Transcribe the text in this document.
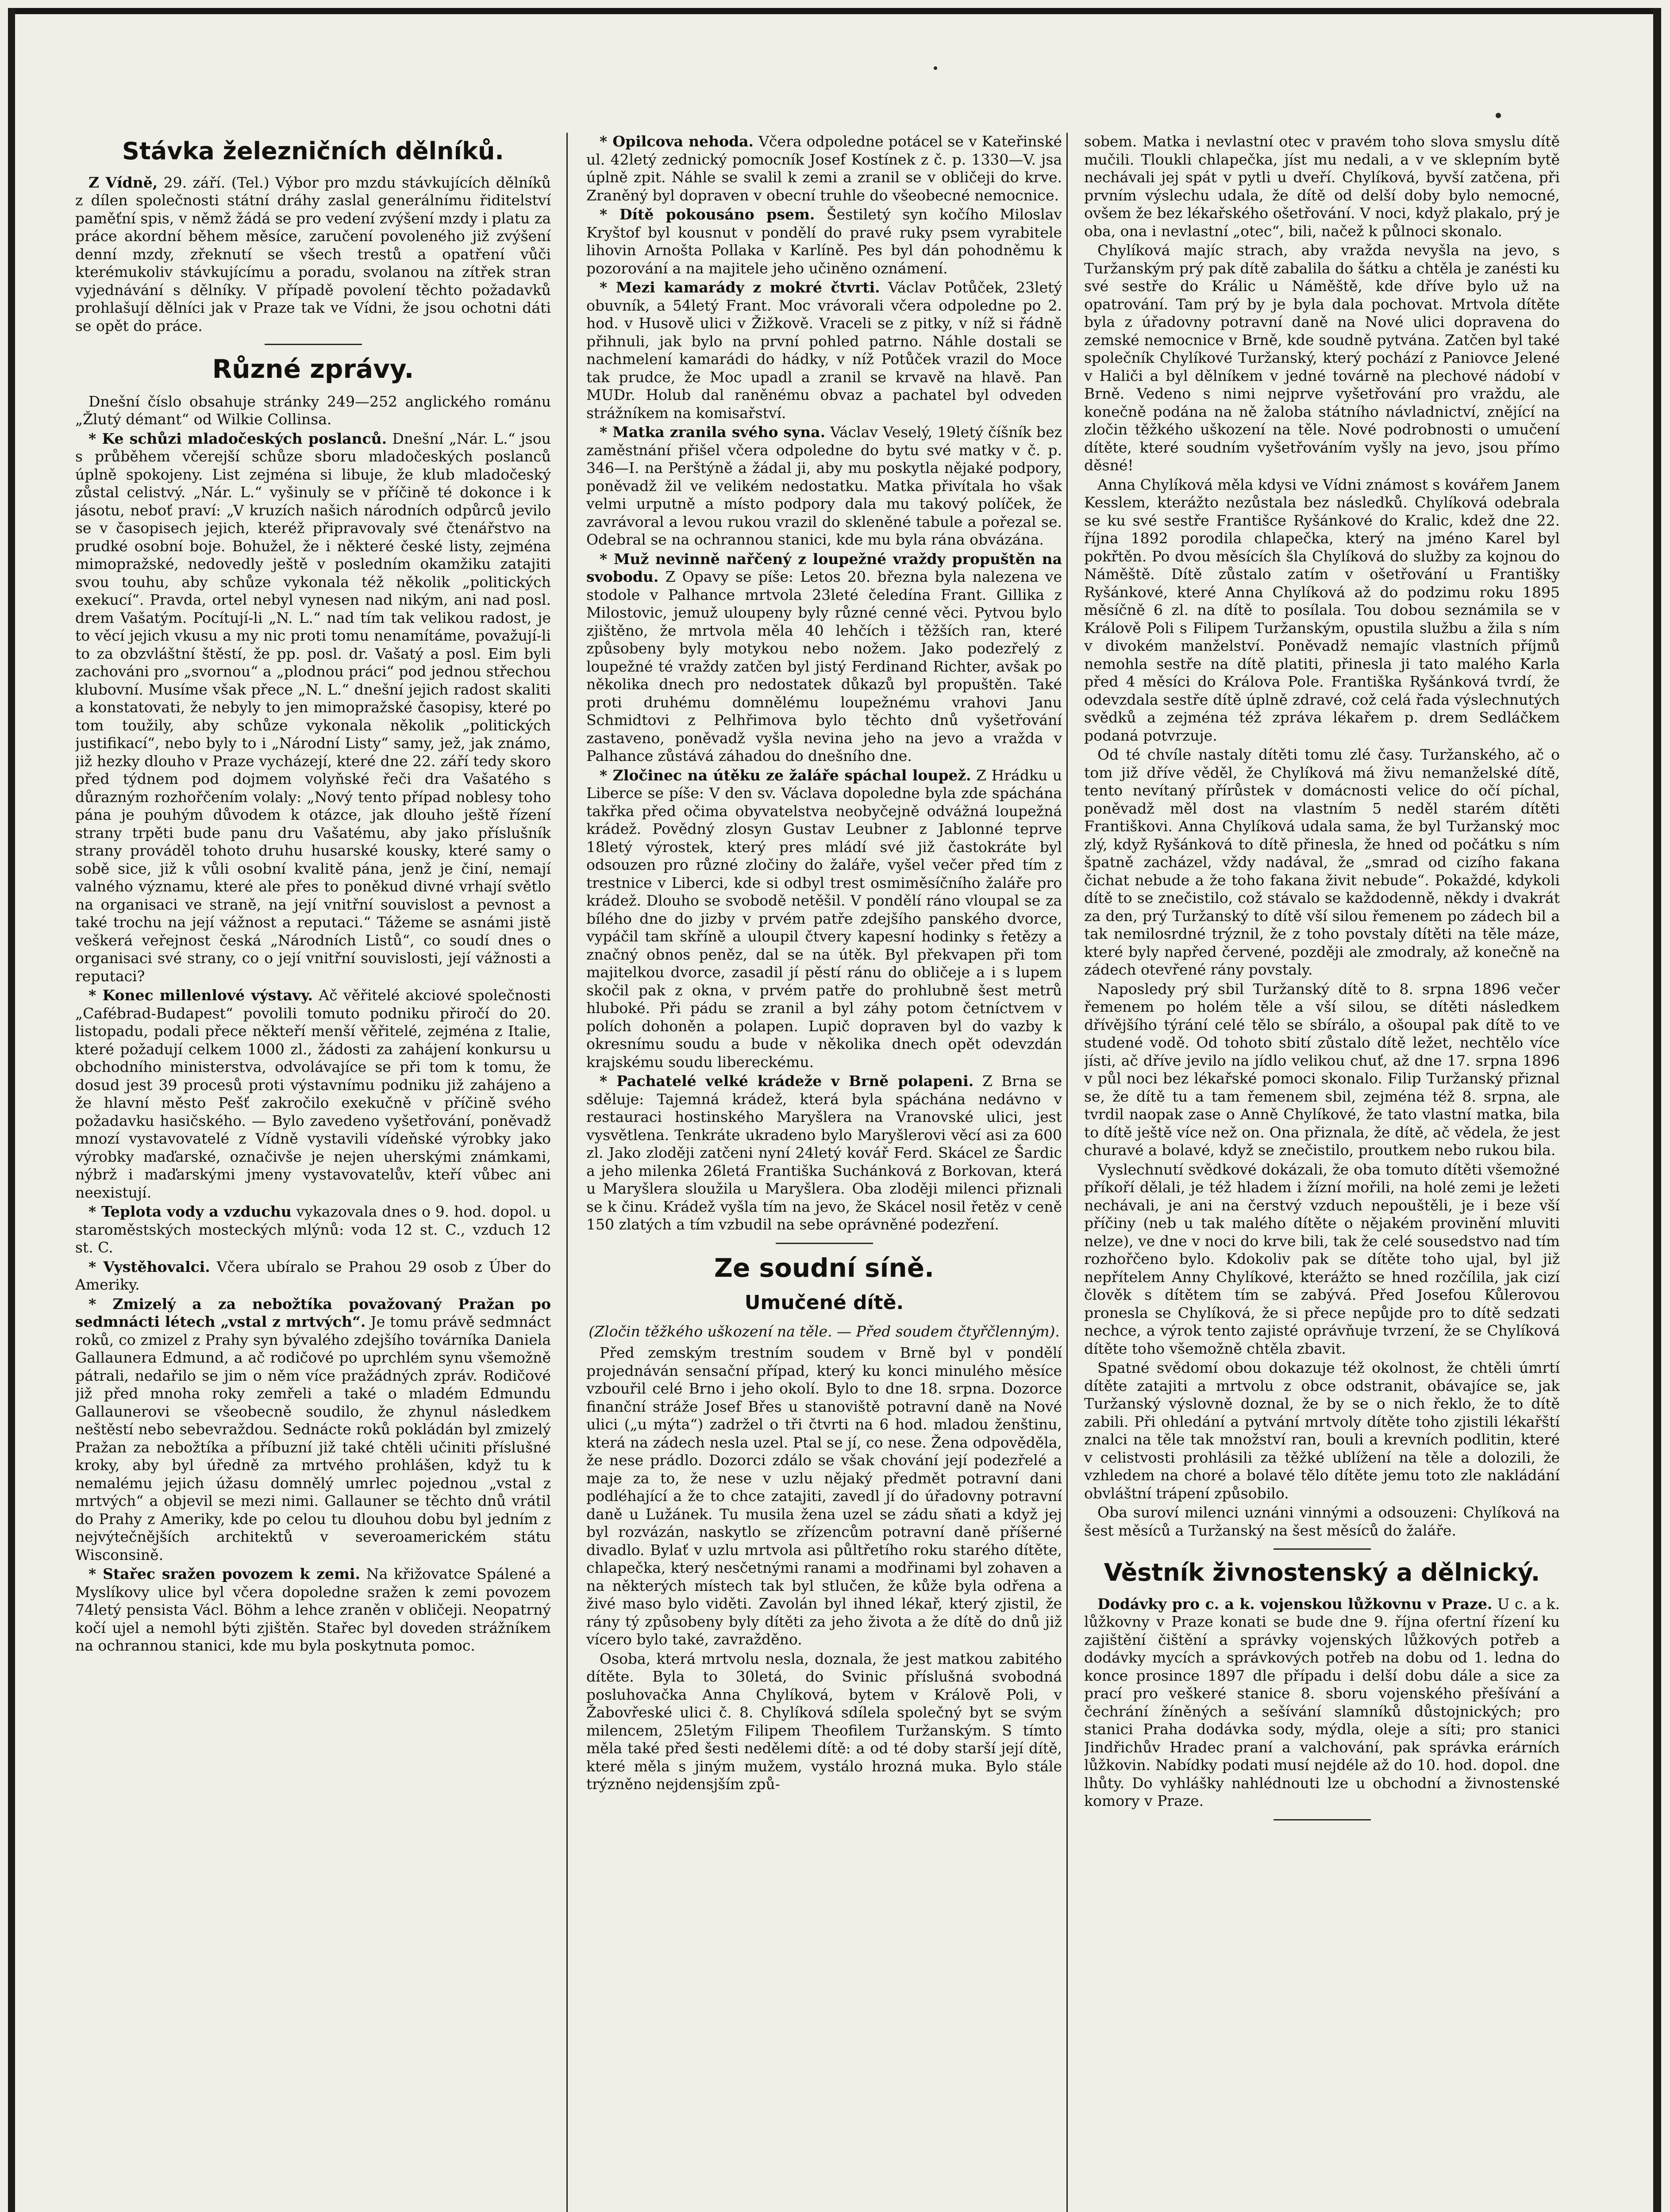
Stávka železničních dělníků.

Z Vídně, 29. září. (Tel.) Výbor pro mzdu stávkujících dělníků z dílen společnosti státní dráhy zaslal generálnímu řiditelství paměťní spis, v němž žádá se pro vedení zvýšení mzdy i platu za práce akordní během měsíce, zaručení povoleného již zvýšení denní mzdy, zřeknutí se všech trestů a opatření vůči kterémukoliv stávkujícímu a poradu, svolanou na zítřek stran vyjednávání s dělníky. V případě povolení těchto požadavků prohlašují dělníci jak v Praze tak ve Vídni, že jsou ochotni dáti se opět do práce.

Různé zprávy.

Dnešní číslo obsahuje stránky 249—252 anglického románu „Žlutý démant“ od Wilkie Collinsa.

* Ke schůzi mladočeských poslanců. Dnešní „Nár. L.“ jsou s průběhem včerejší schůze sboru mladočeských poslanců úplně spokojeny. List zejména si libuje, že klub mladočeský zůstal celistvý. „Nár. L.“ vyšinuly se v příčině té dokonce i k jásotu, neboť praví: „V kruzích našich národních odpůrců jevilo se v časopisech jejich, kteréž připravovaly své čtenářstvo na prudké osobní boje. Bohužel, že i některé české listy, zejména mimopražské, nedovedly ještě v posledním okamžiku zatajiti svou touhu, aby schůze vykonala též několik „politických exekucí“. Pravda, ortel nebyl vynesen nad nikým, ani nad posl. drem Vašatým. Pocítují-li „N. L.“ nad tím tak velikou radost, je to věcí jejich vkusu a my nic proti tomu nenamítáme, považují-li to za obzvláštní štěstí, že pp. posl. dr. Vašatý a posl. Eim byli zachováni pro „svornou“ a „plodnou práci“ pod jednou střechou klubovní. Musíme však přece „N. L.“ dnešní jejich radost skaliti a konstatovati, že nebyly to jen mimopražské časopisy, které po tom toužily, aby schůze vykonala několik „politických justifikací“, nebo byly to i „Národní Listy“ samy, jež, jak známo, již hezky dlouho v Praze vycházejí, které dne 22. září tedy skoro před týdnem pod dojmem volyňské řeči dra Vašatého s důrazným rozhořčením volaly: „Nový tento případ noblesy toho pána je pouhým důvodem k otázce, jak dlouho ještě řízení strany trpěti bude panu dru Vašatému, aby jako příslušník strany prováděl tohoto druhu husarské kousky, které samy o sobě sice, již k vůli osobní kvalitě pána, jenž je činí, nemají valného významu, které ale přes to poněkud divné vrhají světlo na organisaci ve straně, na její vnitřní souvislost a pevnost a také trochu na její vážnost a reputaci.“ Tážeme se asnámi jistě veškerá veřejnost česká „Národních Listů“, co soudí dnes o organisaci své strany, co o její vnitřní souvislosti, její vážnosti a reputaci?

* Konec millenlové výstavy. Ač věřitelé akciové společnosti „Cafébrad-Budapest“ povolili tomuto podniku přiročí do 20. listopadu, podali přece někteří menší věřitelé, zejména z Italie, které požadují celkem 1000 zl., žádosti za zahájení konkursu u obchodního ministerstva, odvolávajíce se při tom k tomu, že dosud jest 39 procesů proti výstavnímu podniku již zahájeno a že hlavní město Pešť zakročilo exekučně v příčině svého požadavku hasičského. — Bylo zavedeno vyšetřování, poněvadž mnozí vystavovatelé z Vídně vystavili vídeňské výrobky jako výrobky maďarské, označivše je nejen uherskými známkami, nýbrž i maďarskými jmeny vystavovatelův, kteří vůbec ani neexistují.

* Teplota vody a vzduchu vykazovala dnes o 9. hod. dopol. u staroměstských mosteckých mlýnů: voda 12 st. C., vzduch 12 st. C.

* Vystěhovalci. Včera ubíralo se Prahou 29 osob z Úber do Ameriky.

* Zmizelý a za nebožtíka považovaný Pražan po sedmnácti létech „vstal z mrtvých“. Je tomu právě sedmnáct roků, co zmizel z Prahy syn bývalého zdejšího továrníka Daniela Gallaunera Edmund, a ač rodičové po uprchlém synu všemožně pátrali, nedařilo se jim o něm více pražádných zpráv. Rodičové již před mnoha roky zemřeli a také o mladém Edmundu Gallaunerovi se všeobecně soudilo, že zhynul následkem neštěstí nebo sebevraždou. Sednácte roků pokládán byl zmizelý Pražan za nebožtíka a příbuzní již také chtěli učiniti příslušné kroky, aby byl úředně za mrtvého prohlášen, když tu k nemalému jejich úžasu domnělý umrlec pojednou „vstal z mrtvých“ a objevil se mezi nimi. Gallauner se těchto dnů vrátil do Prahy z Ameriky, kde po celou tu dlouhou dobu byl jedním z nejvýtečnějších architektů v severoamerickém státu Wisconsině.

* Stařec sražen povozem k zemi. Na křižovatce Spálené a Myslíkovy ulice byl včera dopoledne sražen k zemi povozem 74letý pensista Václ. Böhm a lehce zraněn v obličeji. Neopatrný kočí ujel a nemohl býti zjištěn. Stařec byl doveden strážníkem na ochrannou stanici, kde mu byla poskytnuta pomoc.

* Opilcova nehoda. Včera odpoledne potácel se v Kateřinské ul. 42letý zednický pomocník Josef Kostínek z č. p. 1330—V. jsa úplně zpit. Náhle se svalil k zemi a zranil se v obličeji do krve. Zraněný byl dopraven v obecní truhle do všeobecné nemocnice.

* Dítě pokousáno psem. Šestiletý syn kočího Miloslav Kryštof byl kousnut v pondělí do pravé ruky psem vyrabitele lihovin Arnošta Pollaka v Karlíně. Pes byl dán pohodněmu k pozorování a na majitele jeho učiněno oznámení.

* Mezi kamarády z mokré čtvrti. Václav Potůček, 23letý obuvník, a 54letý Frant. Moc vrávorali včera odpoledne po 2. hod. v Husově ulici v Žižkově. Vraceli se z pitky, v níž si řádně přihnuli, jak bylo na první pohled patrno. Náhle dostali se nachmelení kamarádi do hádky, v níž Potůček vrazil do Moce tak prudce, že Moc upadl a zranil se krvavě na hlavě. Pan MUDr. Holub dal raněnému obvaz a pachatel byl odveden strážníkem na komisařství.

* Matka zranila svého syna. Václav Veselý, 19letý číšník bez zaměstnání přišel včera odpoledne do bytu své matky v č. p. 346—I. na Perštýně a žádal ji, aby mu poskytla nějaké podpory, poněvadž žil ve velikém nedostatku. Matka přivítala ho však velmi urputně a místo podpory dala mu takový políček, že zavrávoral a levou rukou vrazil do skleněné tabule a pořezal se. Odebral se na ochrannou stanici, kde mu byla rána obvázána.

* Muž nevinně nařčený z loupežné vraždy propuštěn na svobodu. Z Opavy se píše: Letos 20. března byla nalezena ve stodole v Palhance mrtvola 23leté čeledína Frant. Gillika z Milostovic, jemuž uloupeny byly různé cenné věci. Pytvou bylo zjištěno, že mrtvola měla 40 lehčích i těžších ran, které způsobeny byly motykou nebo nožem. Jako podezřelý z loupežné té vraždy zatčen byl jistý Ferdinand Richter, avšak po několika dnech pro nedostatek důkazů byl propuštěn. Také proti druhému domnělému loupežnému vrahovi Janu Schmidtovi z Pelhřimova bylo těchto dnů vyšetřování zastaveno, poněvadž vyšla nevina jeho na jevo a vražda v Palhance zůstává záhadou do dnešního dne.

* Zločinec na útěku ze žaláře spáchal loupež. Z Hrádku u Liberce se píše: V den sv. Václava dopoledne byla zde spáchána takřka před očima obyvatelstva neobyčejně odvážná loupežná krádež. Povědný zlosyn Gustav Leubner z Jablonné teprve 18letý výrostek, který pres mládí své již častokráte byl odsouzen pro různé zločiny do žaláře, vyšel večer před tím z trestnice v Liberci, kde si odbyl trest osmiměsíčního žaláře pro krádež. Dlouho se svobodě netěšil. V pondělí ráno vloupal se za bílého dne do jizby v prvém patře zdejšího panského dvorce, vypáčil tam skříně a uloupil čtvery kapesní hodinky s řetězy a značný obnos peněz, dal se na útěk. Byl překvapen při tom majitelkou dvorce, zasadil jí pěstí ránu do obličeje a i s lupem skočil pak z okna, v prvém patře do prohlubně šest metrů hluboké. Při pádu se zranil a byl záhy potom četníctvem v polích dohoněn a polapen. Lupič dopraven byl do vazby k okresnímu soudu a bude v několika dnech opět odevzdán krajskému soudu libereckému.

* Pachatelé velké krádeže v Brně polapeni. Z Brna se sděluje: Tajemná krádež, která byla spáchána nedávno v restauraci hostinského Maryšlera na Vranovské ulici, jest vysvětlena. Tenkráte ukradeno bylo Maryšlerovi věcí asi za 600 zl. Jako zloději zatčeni nyní 24letý kovář Ferd. Skácel ze Šardic a jeho milenka 26letá Františka Suchánková z Borkovan, která u Maryšlera sloužila u Maryšlera. Oba zloději milenci přiznali se k činu. Krádež vyšla tím na jevo, že Skácel nosil řetěz v ceně 150 zlatých a tím vzbudil na sebe oprávněné podezření.

Ze soudní síně.
Umučené dítě.
(Zločin těžkého uškození na těle. — Před soudem čtyřčlenným).

Před zemským trestním soudem v Brně byl v pondělí projednáván sensační případ, který ku konci minulého měsíce vzbouřil celé Brno i jeho okolí. Bylo to dne 18. srpna. Dozorce finanční stráže Josef Břes u stanoviště potravní daně na Nové ulici („u mýta“) zadržel o tři čtvrti na 6 hod. mladou ženštinu, která na zádech nesla uzel. Ptal se jí, co nese. Žena odpověděla, že nese prádlo. Dozorci zdálo se však chování její podezřelé a maje za to, že nese v uzlu nějaký předmět potravní dani podléhající a že to chce zatajiti, zavedl jí do úřadovny potravní daně u Lužánek. Tu musila žena uzel se zádu sňati a když jej byl rozvázán, naskytlo se zřízencům potravní daně příšerné divadlo. Bylať v uzlu mrtvola asi půltřetího roku starého dítěte, chlapečka, který nesčetnými ranami a modřinami byl zohaven a na některých místech tak byl stlučen, že kůže byla odřena a živé maso bylo viděti. Zavolán byl ihned lékař, který zjistil, že rány tý způsobeny byly dítěti za jeho života a že dítě do dnů již vícero bylo také, zavražděno.

Osoba, která mrtvolu nesla, doznala, že jest matkou zabitého dítěte. Byla to 30letá, do Svinic příslušná svobodná posluhovačka Anna Chylíková, bytem v Králově Poli, v Žabovřeské ulici č. 8. Chylíková sdílela společný byt se svým milencem, 25letým Filipem Theofilem Turžanským. S tímto měla také před šesti nedělemi dítě: a od té doby starší její dítě, které měla s jiným mužem, vystálo hrozná muka. Bylo stále trýzněno nejdensjším způ-

sobem. Matka i nevlastní otec v pravém toho slova smyslu dítě mučili. Tloukli chlapečka, jíst mu nedali, a v ve sklepním bytě nechávali jej spát v pytli u dveří. Chylíková, byvší zatčena, při prvním výslechu udala, že dítě od delší doby bylo nemocné, ovšem že bez lékařského ošetřování. V noci, když plakalo, prý je oba, ona i nevlastní „otec“, bili, načež k půlnoci skonalo.

Chylíková majíc strach, aby vražda nevyšla na jevo, s Turžanským prý pak dítě zabalila do šátku a chtěla je zanésti ku své sestře do Králic u Náměště, kde dříve bylo už na opatrování. Tam prý by je byla dala pochovat. Mrtvola dítěte byla z úřadovny potravní daně na Nové ulici dopravena do zemské nemocnice v Brně, kde soudně pytvána. Zatčen byl také společník Chylíkové Turžanský, který pochází z Paniovce Jelené v Haliči a byl dělníkem v jedné továrně na plechové nádobí v Brně. Vedeno s nimi nejprve vyšetřování pro vraždu, ale konečně podána na ně žaloba státního návladnictví, znějící na zločin těžkého uškození na těle. Nové podrobnosti o umučení dítěte, které soudním vyšetřováním vyšly na jevo, jsou přímo děsné!

Anna Chylíková měla kdysi ve Vídni známost s kovářem Janem Kesslem, kterážto nezůstala bez následků. Chylíková odebrala se ku své sestře Františce Ryšánkové do Kralic, kdež dne 22. října 1892 porodila chlapečka, který na jméno Karel byl pokřtěn. Po dvou měsících šla Chylíková do služby za kojnou do Náměště. Dítě zůstalo zatím v ošetřování u Františky Ryšánkové, které Anna Chylíková až do podzimu roku 1895 měsíčně 6 zl. na dítě to posílala. Tou dobou seznámila se v Králově Poli s Filipem Turžanským, opustila službu a žila s ním v divokém manželství. Poněvadž nemajíc vlastních příjmů nemohla sestře na dítě platiti, přinesla ji tato malého Karla před 4 měsíci do Králova Pole. Františka Ryšánková tvrdí, že odevzdala sestře dítě úplně zdravé, což celá řada výslechnutých svědků a zejména též zpráva lékařem p. drem Sedláčkem podaná potvrzuje.

Od té chvíle nastaly dítěti tomu zlé časy. Turžanského, ač o tom již dříve věděl, že Chylíková má živu nemanželské dítě, tento nevítaný přírůstek v domácnosti velice do očí píchal, poněvadž měl dost na vlastním 5 neděl starém dítěti Františkovi. Anna Chylíková udala sama, že byl Turžanský moc zlý, když Ryšánková to dítě přinesla, že hned od počátku s ním špatně zacházel, vždy nadával, že „smrad od cizího fakana čichat nebude a že toho fakana živit nebude“. Pokaždé, kdykoli dítě to se znečistilo, což stávalo se každodenně, někdy i dvakrát za den, prý Turžanský to dítě vší silou řemenem po zádech bil a tak nemilosrdné trýznil, že z toho povstaly dítěti na těle máze, které byly napřed červené, později ale zmodraly, až konečně na zádech otevřené rány povstaly.

Naposledy prý sbil Turžanský dítě to 8. srpna 1896 večer řemenem po holém těle a vší silou, se dítěti následkem dřívějšího týrání celé tělo se sbírálo, a ošoupal pak dítě to ve studené vodě. Od tohoto sbití zůstalo dítě ležet, nechtělo více jísti, ač dříve jevilo na jídlo velikou chuť, až dne 17. srpna 1896 v půl noci bez lékařské pomoci skonalo. Filip Turžanský přiznal se, že dítě tu a tam řemenem sbil, zejména též 8. srpna, ale tvrdil naopak zase o Anně Chylíkové, že tato vlastní matka, bila to dítě ještě více než on. Ona přiznala, že dítě, ač vědela, že jest churavé a bolavé, když se znečistilo, proutkem nebo rukou bila.

Vyslechnutí svědkové dokázali, že oba tomuto dítěti všemožné příkoří dělali, je též hladem i žízní mořili, na holé zemi je ležeti nechávali, je ani na čerstvý vzduch nepouštěli, je i beze vší příčiny (neb u tak malého dítěte o nějakém provinění mluviti nelze), ve dne v noci do krve bili, tak že celé sousedstvo nad tím rozhořčeno bylo. Kdokoliv pak se dítěte toho ujal, byl již nepřítelem Anny Chylíkové, kterážto se hned rozčílila, jak cizí člověk s dítětem tím se zabývá. Před Josefou Kůlerovou pronesla se Chylíková, že si přece nepůjde pro to dítě sedzati nechce, a výrok tento zajisté oprávňuje tvrzení, že se Chylíková dítěte toho všemožně chtěla zbavit.

Spatné svědomí obou dokazuje též okolnost, že chtěli úmrtí dítěte zatajiti a mrtvolu z obce odstranit, obávajíce se, jak Turžanský výslovně doznal, že by se o nich řeklo, že to dítě zabili. Při ohledání a pytvání mrtvoly dítěte toho zjistili lékařští znalci na těle tak množství ran, bouli a krevních podlitin, které v celistvosti prohlásili za těžké ublížení na těle a dolozili, že vzhledem na choré a bolavé tělo dítěte jemu toto zle nakládání obvláštní trápení způsobilo.

Oba suroví milenci uznáni vinnými a odsouzeni: Chylíková na šest měsíců a Turžanský na šest měsíců do žaláře.

Věstník živnostenský a dělnický.

Dodávky pro c. a k. vojenskou lůžkovnu v Praze. U c. a k. lůžkovny v Praze konati se bude dne 9. října ofertní řízení ku zajištění čištění a správky vojenských lůžkových potřeb a dodávky mycích a správkových potřeb na dobu od 1. ledna do konce prosince 1897 dle případu i delší dobu dále a sice za prací pro veškeré stanice 8. sboru vojenského přešívání a čechrání žíněných a sešívání slamníků důstojnických; pro stanici Praha dodávka sody, mýdla, oleje a síti; pro stanici Jindřichův Hradec praní a valchování, pak správka erárních lůžkovin. Nabídky podati musí nejdéle až do 10. hod. dopol. dne lhůty. Do vyhlášky nahlédnouti lze u obchodní a živnostenské komory v Praze.
